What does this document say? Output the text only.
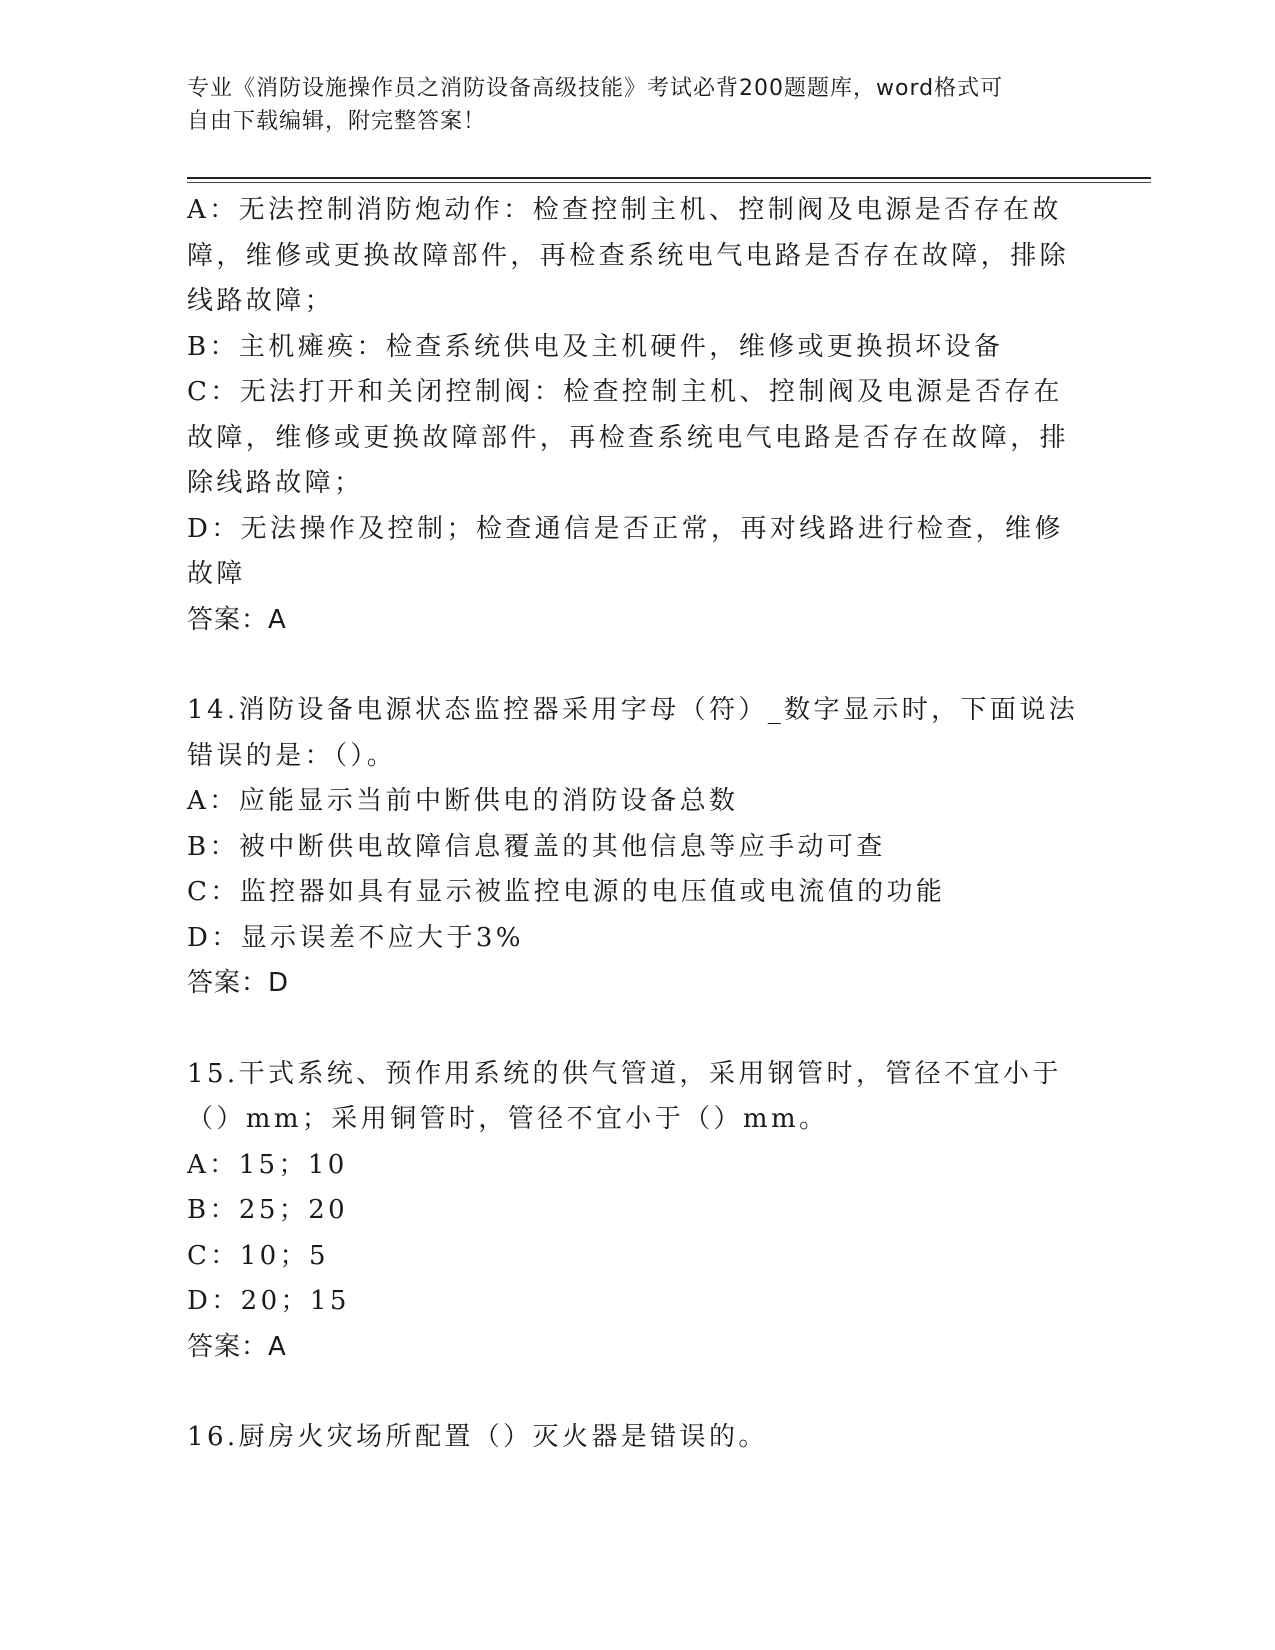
专业《消防设施操作员之消防设备高级技能》考试必背200题题库，word格式可
自由下载编辑，附完整答案！

A：无法控制消防炮动作：检查控制主机、控制阀及电源是否存在故障，维修或更换故障部件，再检查系统电气电路是否存在故障，排除线路故障；

B：主机瘫痪：检查系统供电及主机硬件，维修或更换损坏设备

C：无法打开和关闭控制阀：检查控制主机、控制阀及电源是否存在故障，维修或更换故障部件，再检查系统电气电路是否存在故障，排除线路故障；

D：无法操作及控制；检查通信是否正常，再对线路进行检查，维修故障

答案：A

14.消防设备电源状态监控器采用字母（符）_数字显示时，下面说法错误的是：（）。

A：应能显示当前中断供电的消防设备总数

B：被中断供电故障信息覆盖的其他信息等应手动可查

C：监控器如具有显示被监控电源的电压值或电流值的功能

D：显示误差不应大于3%

答案：D

15.干式系统、预作用系统的供气管道，采用钢管时，管径不宜小于（）mm；采用铜管时，管径不宜小于（）mm。

A：15；10

B：25；20

C：10；5

D：20；15

答案：A

16.厨房火灾场所配置（）灭火器是错误的。
